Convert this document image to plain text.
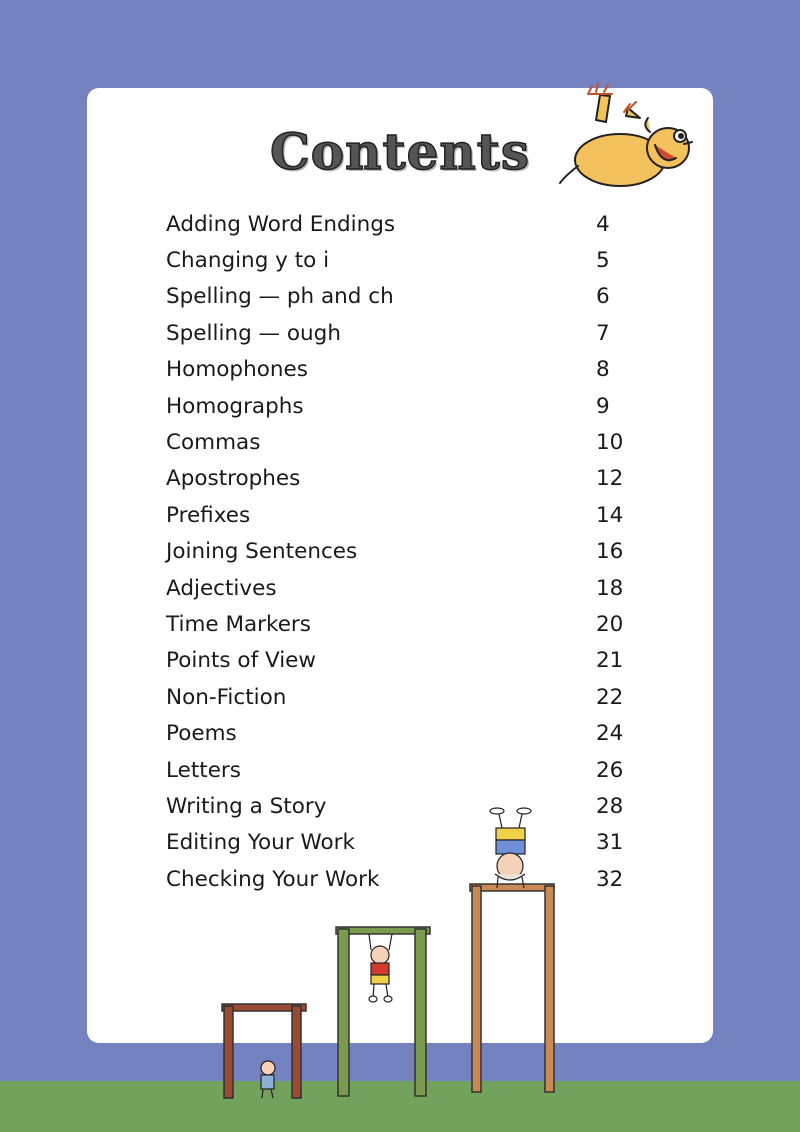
Contents
Adding Word Endings	4
Changing y to i	5
Spelling — ph and ch	6
Spelling — ough	7
Homophones	8
Homographs	9
Commas	10
Apostrophes	12
Prefixes	14
Joining Sentences	16
Adjectives	18
Time Markers	20
Points of View	21
Non-Fiction	22
Poems	24
Letters	26
Writing a Story	28
Editing Your Work	31
Checking Your Work	32
